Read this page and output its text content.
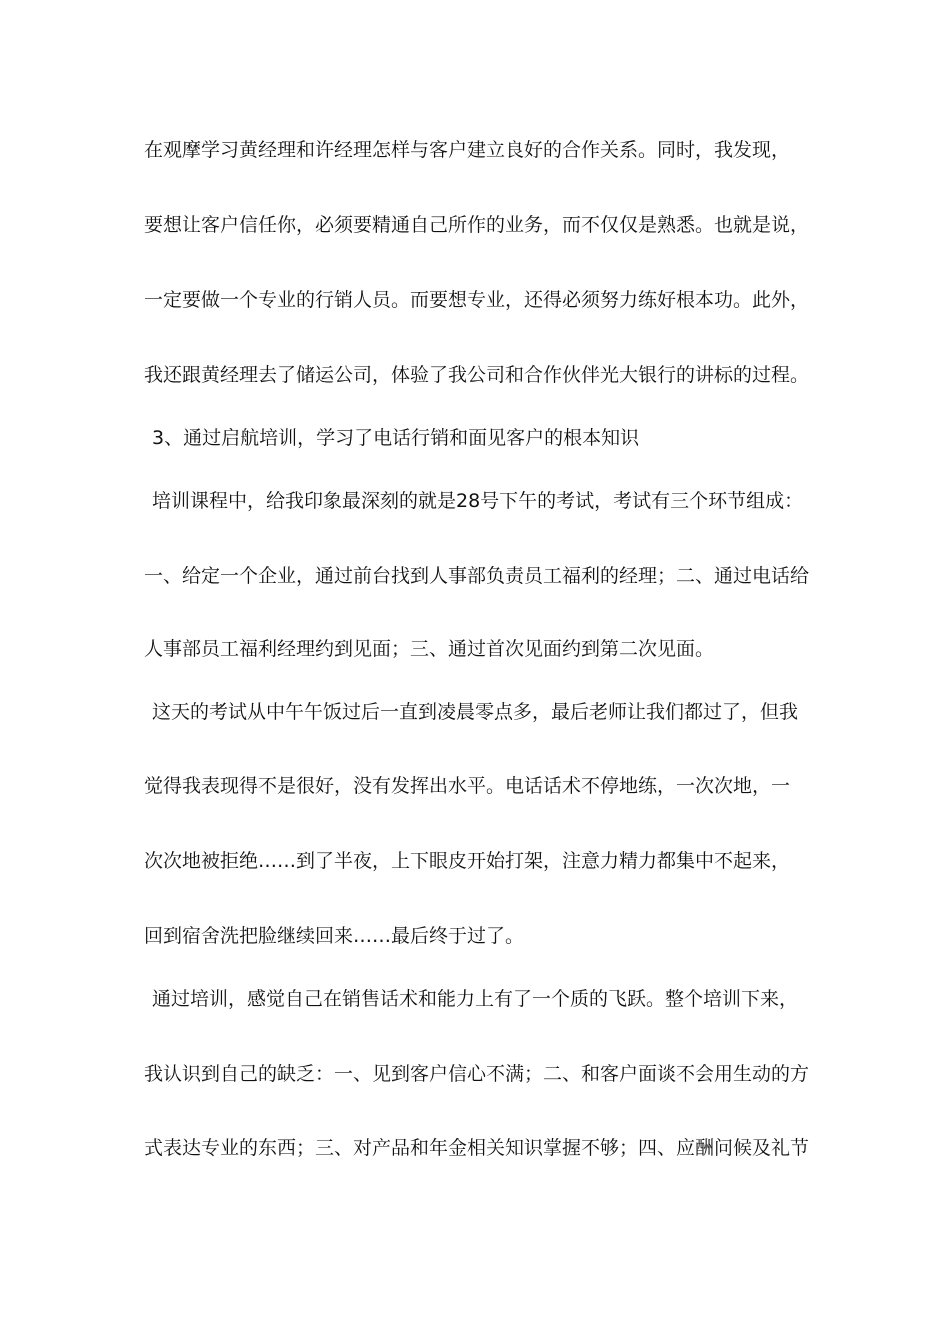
在观摩学习黄经理和许经理怎样与客户建立良好的合作关系。同时，我发现，
要想让客户信任你，必须要精通自己所作的业务，而不仅仅是熟悉。也就是说，
一定要做一个专业的行销人员。而要想专业，还得必须努力练好根本功。此外，
我还跟黄经理去了储运公司，体验了我公司和合作伙伴光大银行的讲标的过程。
3、通过启航培训，学习了电话行销和面见客户的根本知识
培训课程中，给我印象最深刻的就是28号下午的考试，考试有三个环节组成：
一、给定一个企业，通过前台找到人事部负责员工福利的经理；二、通过电话给
人事部员工福利经理约到见面；三、通过首次见面约到第二次见面。
这天的考试从中午午饭过后一直到凌晨零点多，最后老师让我们都过了，但我
觉得我表现得不是很好，没有发挥出水平。电话话术不停地练，一次次地，一
次次地被拒绝……到了半夜，上下眼皮开始打架，注意力精力都集中不起来，
回到宿舍洗把脸继续回来……最后终于过了。
通过培训，感觉自己在销售话术和能力上有了一个质的飞跃。整个培训下来，
我认识到自己的缺乏：一、见到客户信心不满；二、和客户面谈不会用生动的方
式表达专业的东西；三、对产品和年金相关知识掌握不够；四、应酬问候及礼节
